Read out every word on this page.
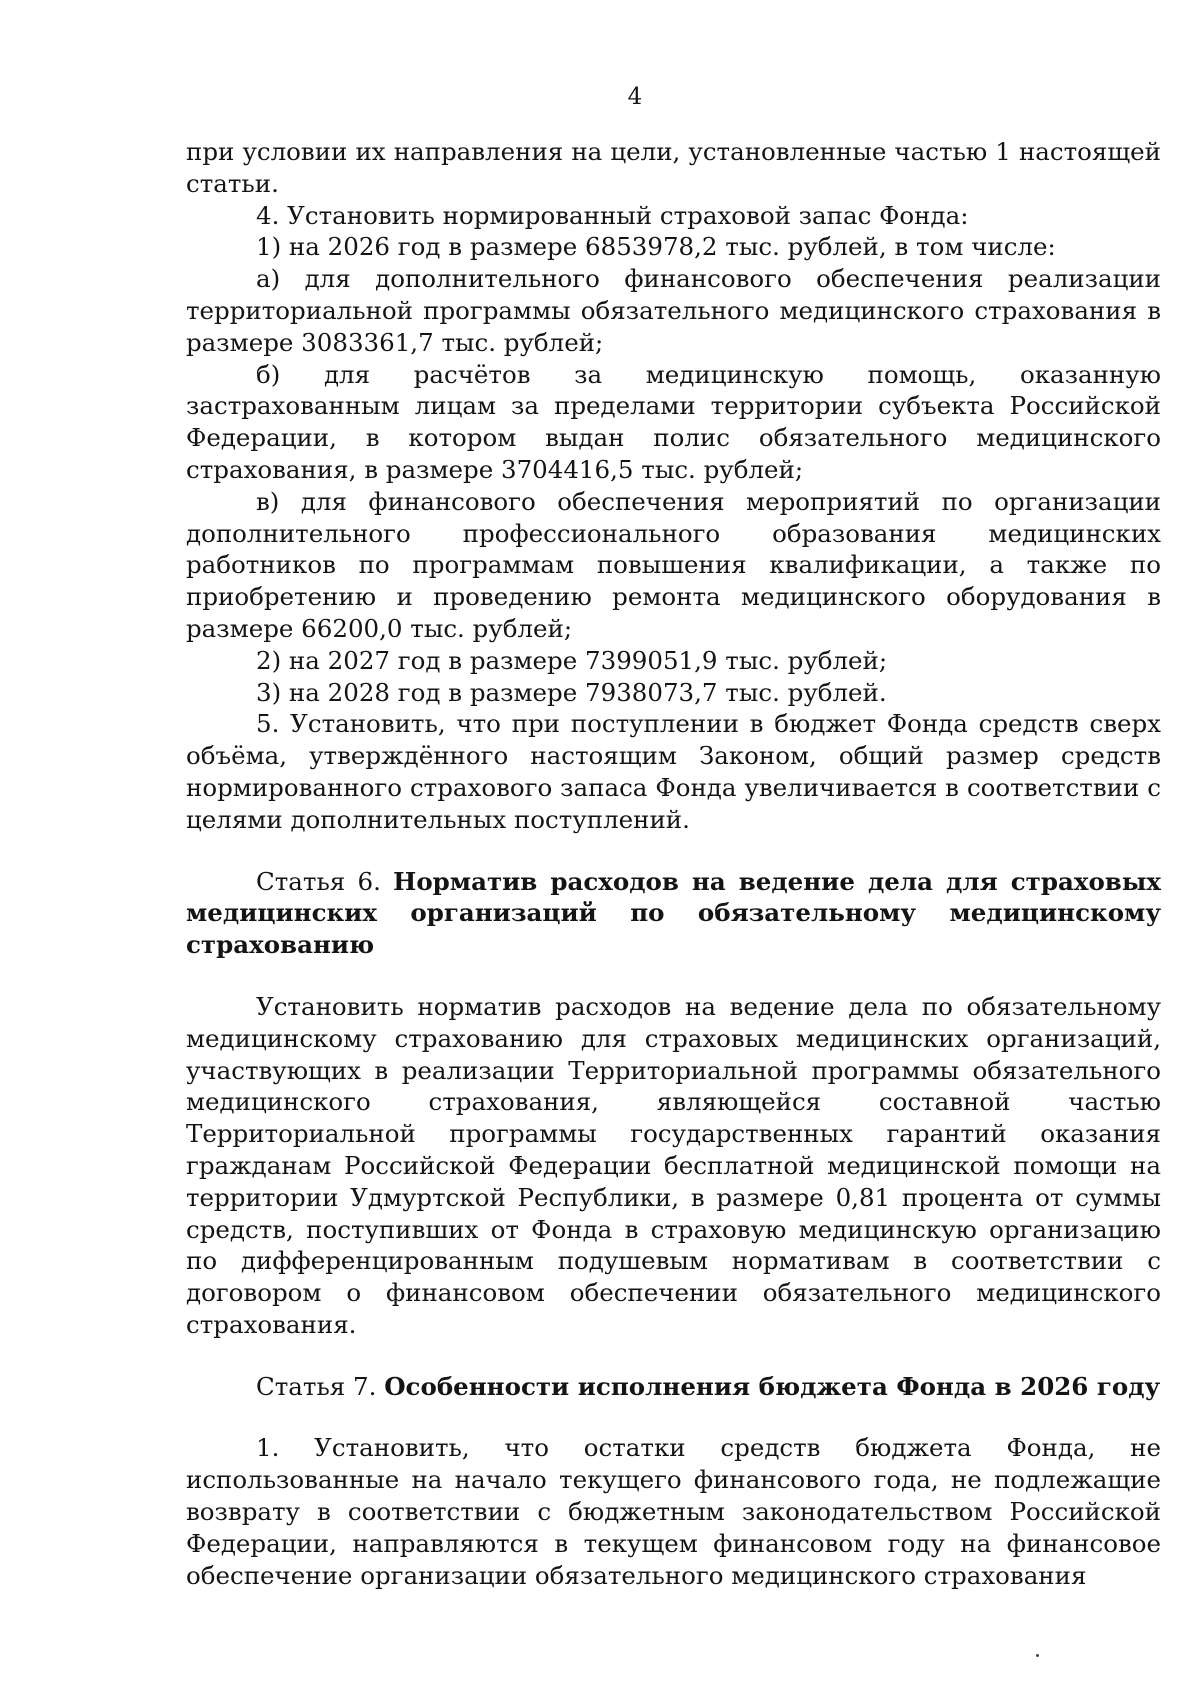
4

при условии их направления на цели, установленные частью 1 настоящей статьи.

4. Установить нормированный страховой запас Фонда:

1) на 2026 год в размере 6853978,2 тыс. рублей, в том числе:

а) для дополнительного финансового обеспечения реализации территориальной программы обязательного медицинского страхования в размере 3083361,7 тыс. рублей;

б) для расчётов за медицинскую помощь, оказанную застрахованным лицам за пределами территории субъекта Российской Федерации, в котором выдан полис обязательного медицинского страхования, в размере 3704416,5 тыс. рублей;

в) для финансового обеспечения мероприятий по организации дополнительного профессионального образования медицинских работников по программам повышения квалификации, а также по приобретению и проведению ремонта медицинского оборудования в размере 66200,0 тыс. рублей;

2) на 2027 год в размере 7399051,9 тыс. рублей;

3) на 2028 год в размере 7938073,7 тыс. рублей.

5. Установить, что при поступлении в бюджет Фонда средств сверх объёма, утверждённого настоящим Законом, общий размер средств нормированного страхового запаса Фонда увеличивается в соответствии с целями дополнительных поступлений.

Статья 6. Норматив расходов на ведение дела для страховых медицинских организаций по обязательному медицинскому страхованию

Установить норматив расходов на ведение дела по обязательному медицинскому страхованию для страховых медицинских организаций, участвующих в реализации Территориальной программы обязательного медицинского страхования, являющейся составной частью Территориальной программы государственных гарантий оказания гражданам Российской Федерации бесплатной медицинской помощи на территории Удмуртской Республики, в размере 0,81 процента от суммы средств, поступивших от Фонда в страховую медицинскую организацию по дифференцированным подушевым нормативам в соответствии с договором о финансовом обеспечении обязательного медицинского страхования.

Статья 7. Особенности исполнения бюджета Фонда в 2026 году

1. Установить, что остатки средств бюджета Фонда, не использованные на начало текущего финансового года, не подлежащие возврату в соответствии с бюджетным законодательством Российской Федерации, направляются в текущем финансовом году на финансовое обеспечение организации обязательного медицинского страхования
